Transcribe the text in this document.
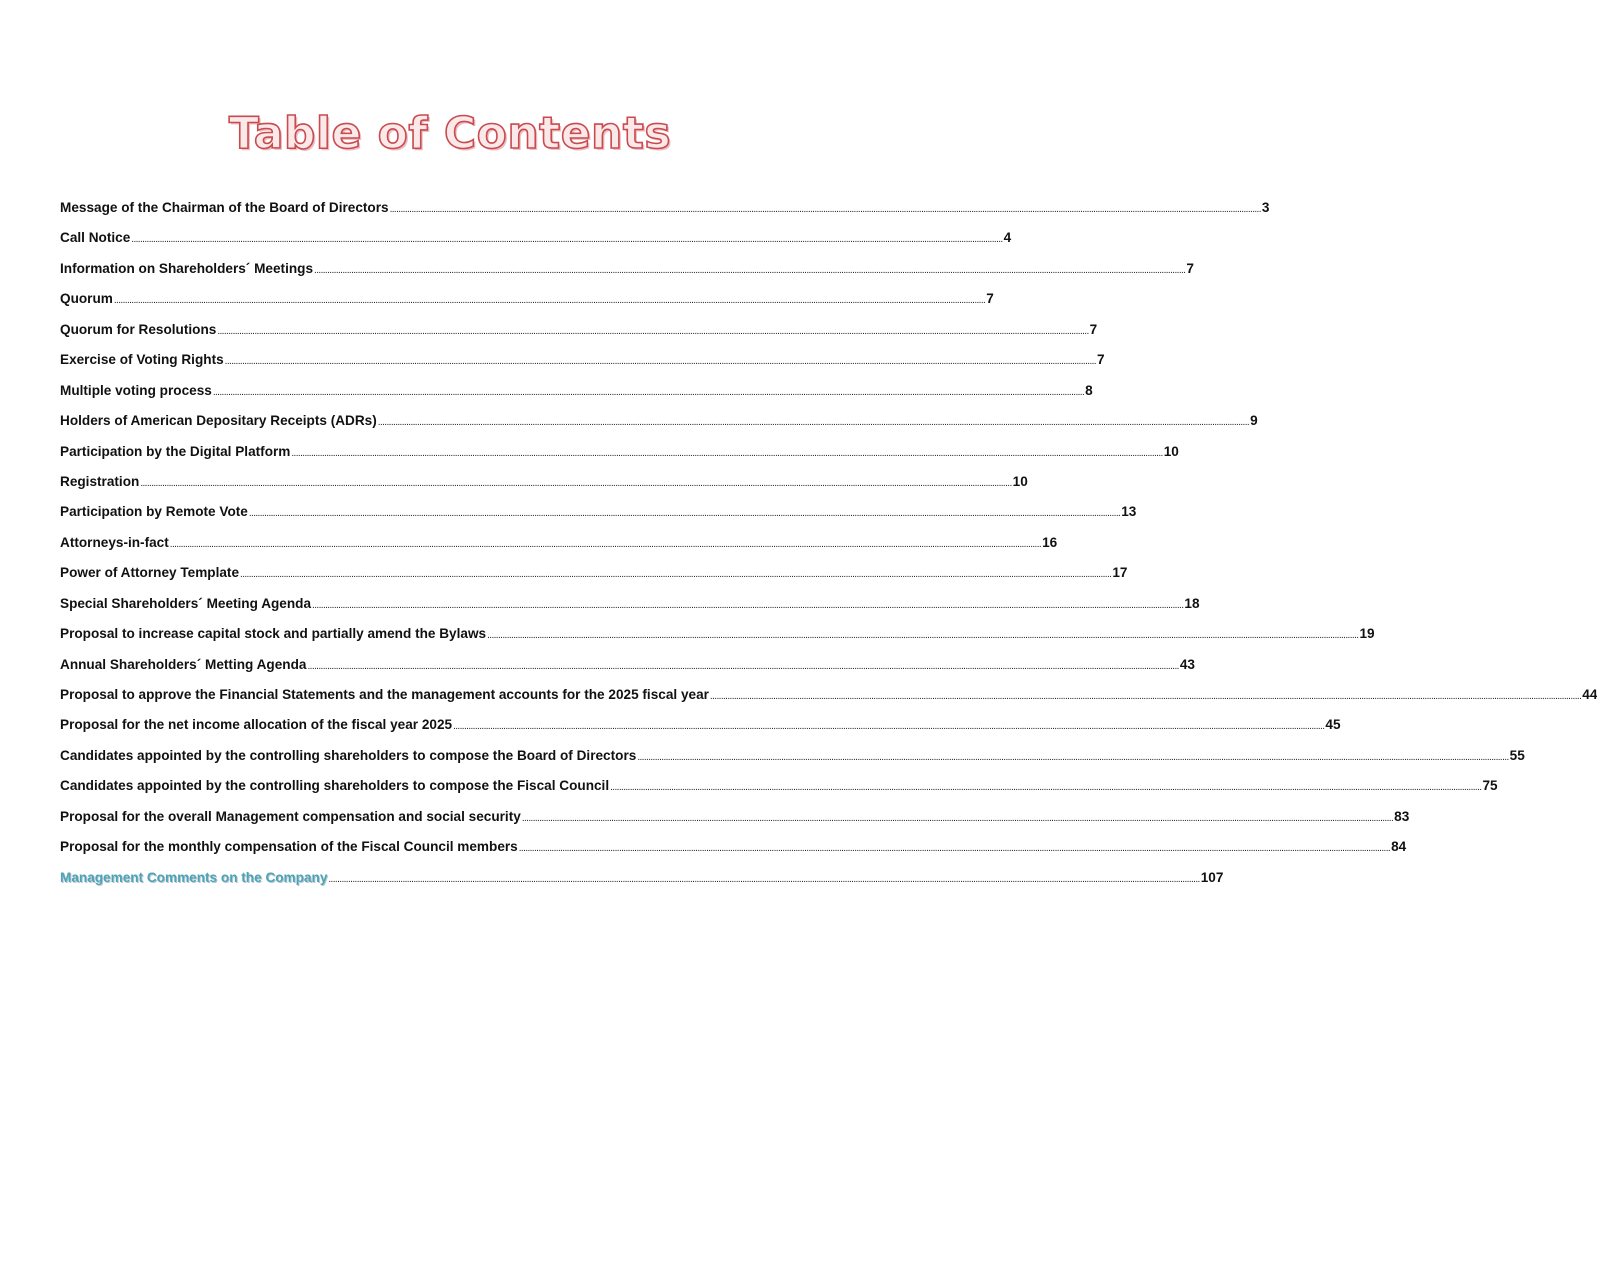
Table of Contents
Message of the Chairman of the Board of Directors ................................................................................................................................................................................................................................................................................................................................................................................................................ 3
Call Notice ................................................................................................................................................................................................................................................................................................................................................................................................................ 4
Information on Shareholders´ Meetings ................................................................................................................................................................................................................................................................................................................................................................................................................ 7
Quorum ................................................................................................................................................................................................................................................................................................................................................................................................................ 7
Quorum for Resolutions ................................................................................................................................................................................................................................................................................................................................................................................................................ 7
Exercise of Voting Rights ................................................................................................................................................................................................................................................................................................................................................................................................................ 7
Multiple voting process ................................................................................................................................................................................................................................................................................................................................................................................................................ 8
Holders of American Depositary Receipts (ADRs) ................................................................................................................................................................................................................................................................................................................................................................................................................ 9
Participation by the Digital Platform ................................................................................................................................................................................................................................................................................................................................................................................................................ 10
Registration ................................................................................................................................................................................................................................................................................................................................................................................................................ 10
Participation by Remote Vote ................................................................................................................................................................................................................................................................................................................................................................................................................ 13
Attorneys-in-fact ................................................................................................................................................................................................................................................................................................................................................................................................................ 16
Power of Attorney Template ................................................................................................................................................................................................................................................................................................................................................................................................................ 17
Special Shareholders´ Meeting Agenda ................................................................................................................................................................................................................................................................................................................................................................................................................ 18
Proposal to increase capital stock and partially amend the Bylaws ................................................................................................................................................................................................................................................................................................................................................................................................................ 19
Annual Shareholders´ Metting Agenda ................................................................................................................................................................................................................................................................................................................................................................................................................ 43
Proposal to approve the Financial Statements and the management accounts for the 2025 fiscal year ................................................................................................................................................................................................................................................................................................................................................................................................................ 44
Proposal for the net income allocation of the fiscal year 2025 ................................................................................................................................................................................................................................................................................................................................................................................................................ 45
Candidates appointed by the controlling shareholders to compose the Board of Directors ................................................................................................................................................................................................................................................................................................................................................................................................................ 55
Candidates appointed by the controlling shareholders to compose the Fiscal Council ................................................................................................................................................................................................................................................................................................................................................................................................................ 75
Proposal for the overall Management compensation and social security ................................................................................................................................................................................................................................................................................................................................................................................................................ 83
Proposal for the monthly compensation of the Fiscal Council members ................................................................................................................................................................................................................................................................................................................................................................................................................ 84
Management Comments on the Company ................................................................................................................................................................................................................................................................................................................................................................................................................ 107
